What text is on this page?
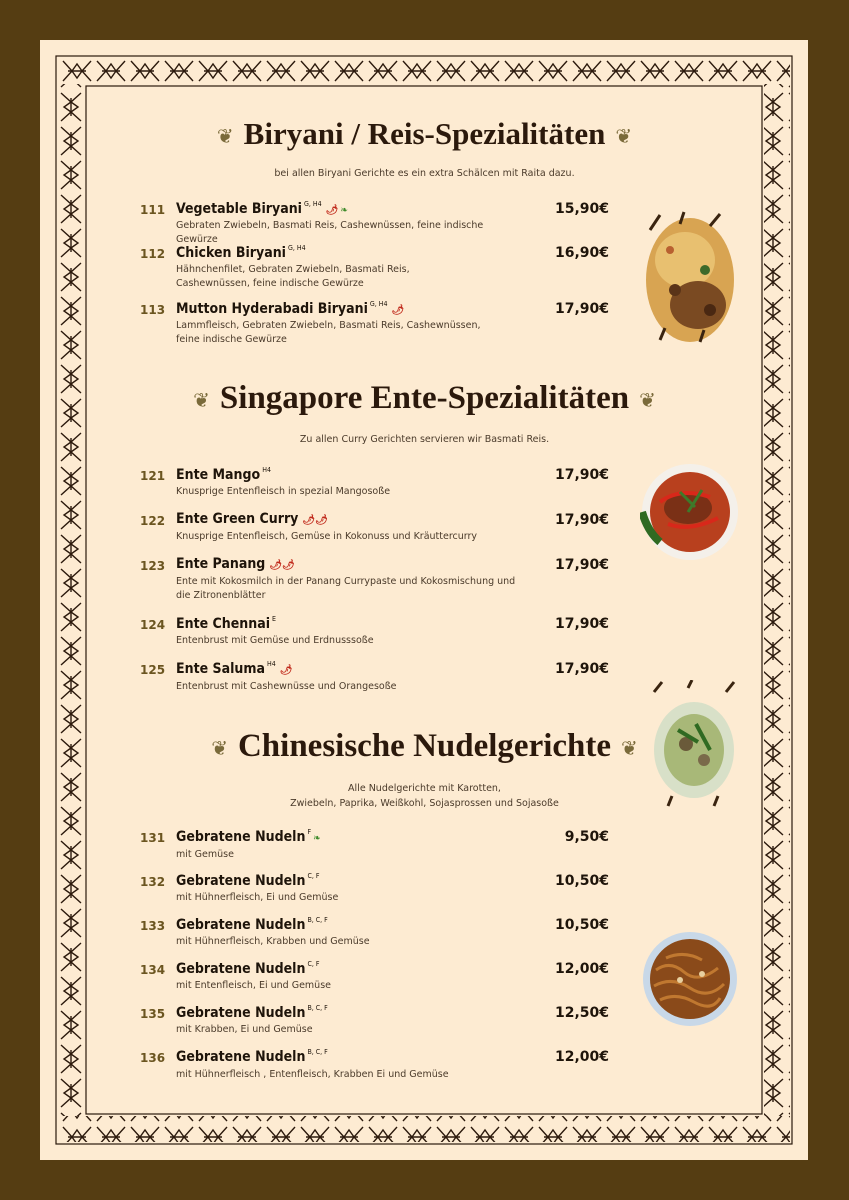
❦ Biryani / Reis-Spezialitäten ❦
bei allen Biryani Gerichte es ein extra Schälcen mit Raita dazu.
111 Vegetable Biryani $^{G, H4}$🌶 ❧
Gebraten Zwiebeln, Basmati Reis, Cashewnüssen, feine indische Gewürze
15,90€
112 Chicken Biryani $^{G, H4}$
Hähnchenfilet, Gebraten Zwiebeln, Basmati Reis, Cashewnüssen, feine indische Gewürze
16,90€
113 Mutton Hyderabadi Biryani $^{G, H4}$🌶
Lammfleisch, Gebraten Zwiebeln, Basmati Reis, Cashewnüssen, feine indische Gewürze
17,90€
❦ Singapore Ente-Spezialitäten ❦
Zu allen Curry Gerichten servieren wir Basmati Reis.
121 Ente Mango $^{H4}$
Knusprige Entenfleisch in spezial Mangosoße
17,90€
122 Ente Green Curry 🌶🌶
Knusprige Entenfleisch, Gemüse in Kokonuss und Kräuttercurry
17,90€
123 Ente Panang 🌶🌶
Ente mit Kokosmilch in der Panang Currypaste und Kokosmischung und die Zitronenblätter
17,90€
124 Ente Chennai $^E$
Entenbrust mit Gemüse und Erdnusssoße
17,90€
125 Ente Saluma $^{H4}$🌶
Entenbrust mit Cashewnüsse und Orangesoße
17,90€
❦ Chinesische Nudelgerichte ❦
Alle Nudelgerichte mit Karotten,
Zwiebeln, Paprika, Weißkohl, Sojasprossen und Sojasoße
131 Gebratene Nudeln $^F$❧
mit Gemüse
9,50€
132 Gebratene Nudeln $^{C, F}$
mit Hühnerfleisch, Ei und Gemüse
10,50€
133 Gebratene Nudeln $^{B, C, F}$
mit Hühnerfleisch, Krabben und Gemüse
10,50€
134 Gebratene Nudeln $^{C, F}$
mit Entenfleisch, Ei und Gemüse
12,00€
135 Gebratene Nudeln $^{B, C, F}$
mit Krabben, Ei und Gemüse
12,50€
136 Gebratene Nudeln $^{B, C, F}$
mit Hühnerfleisch , Entenfleisch, Krabben Ei und Gemüse
12,00€
